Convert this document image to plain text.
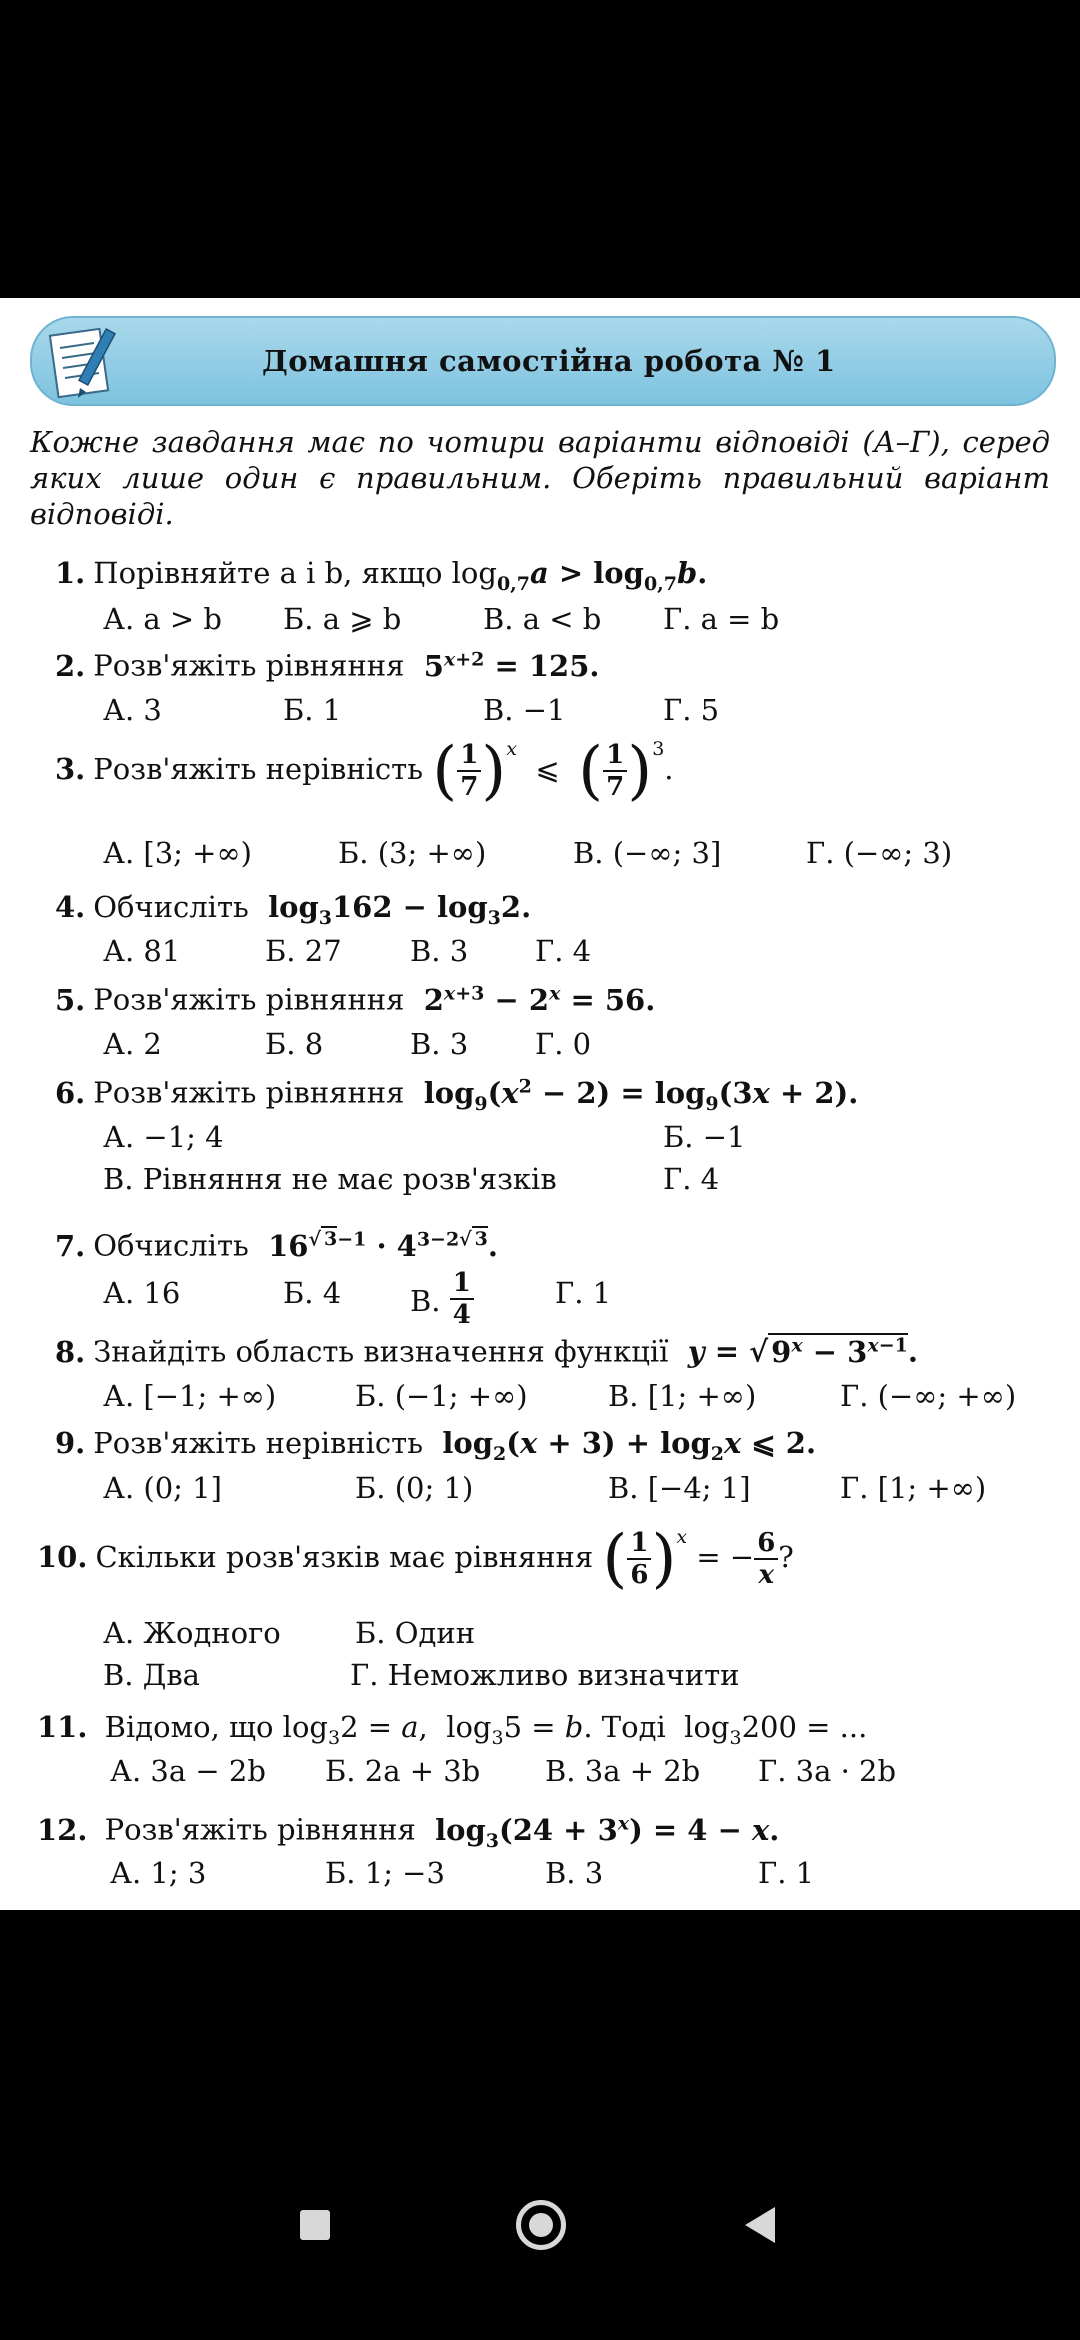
Домашня самостійна робота № 1
Кожне завдання має по чотири варіанти відповіді (А–Г), серед яких лише один є правильним. Оберіть правильний варіант відповіді.
1. Порівняйте a і b, якщо $\log_{0,7}a > \log_{0,7}b$.
А. a > b Б. a ⩾ b	В. a < b Г. a = b
2. Розв'яжіть рівняння  $5^{x+2} = 125$.
А. 3	Б. 1	В. −1	Г. 5
3. Розв'яжіть нерівність ( $\frac{1}{7} )^x$  ⩽  ( $\frac{1}{7} )^3$.
А. [3; +∞)	Б. (3; +∞)	В. (−∞; 3]	Г. (−∞; 3)
4. Обчисліть  $\log_3162 - \log_32$.
А. 81	Б. 27 В. 3 Г. 4
5. Розв'яжіть рівняння  $2^{x+3} - 2^x = 56$.
А. 2	Б. 8	В. 3 Г. 0
6. Розв'яжіть рівняння  $\log_9(x^2 - 2) = \log_9(3x + 2)$.
А. −1; 4	Б. −1
В. Рівняння не має розв'язків	Г. 4
7. Обчисліть  $16^{√ 3-1} \cdot 4^{3-2√ 3}$.
А. 16	Б. 4 В. $\frac{1}{4}$	Г. 1
8. Знайдіть область визначення функції y = √ $9^x - 3^{x-1}$.
А. [−1; +∞)	Б. (−1; +∞)	В. [1; +∞)	Г. (−∞; +∞)
9. Розв'яжіть нерівність  $\log_2(x + 3) + \log_2x$ ⩽ 2.
А. (0; 1]	Б. (0; 1)	В. [−4; 1]	Г. [1; +∞)
10. Скільки розв'язків має рівняння ( $\frac{1}{6} )^x$ = − $\frac{6}{x}$ ?
А. Жодного	Б. Один
В. Два	Г. Неможливо визначити
11. Відомо, що $\log_32 = a$,  $\log_35 = b$. Тоді  $\log_3200$ = ...
А. 3a − 2b Б. 2a + 3b В. 3a + 2b Г. 3a · 2b
12. Розв'яжіть рівняння  $\log_3(24 + 3^x) = 4 - x$.
А. 1; 3	Б. 1; −3	В. 3	Г. 1
